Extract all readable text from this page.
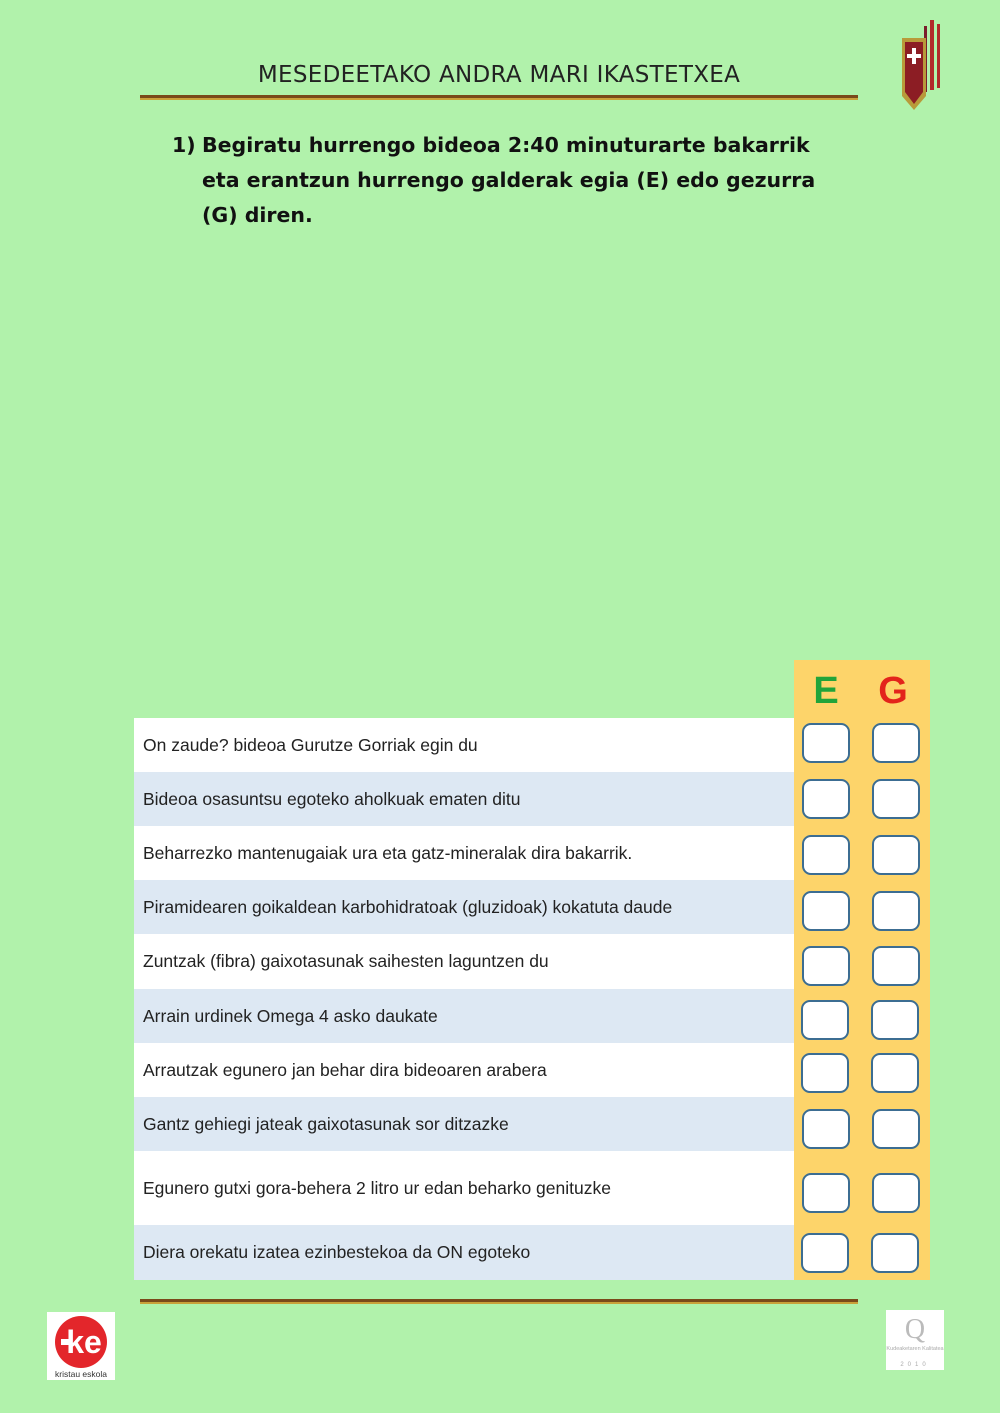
MESEDEETAKO ANDRA MARI IKASTETXEA
1) Begiratu hurrengo bideoa 2:40 minuturarte bakarrik eta erantzun hurrengo galderak egia (E) edo gezurra (G) diren.
E	G
On zaude? bideoa Gurutze Gorriak egin du
Bideoa osasuntsu egoteko aholkuak ematen ditu
Beharrezko mantenugaiak ura eta gatz-mineralak dira bakarrik.
Piramidearen goikaldean karbohidratoak (gluzidoak) kokatuta daude
Zuntzak (fibra) gaixotasunak saihesten laguntzen du
Arrain urdinek Omega 4 asko daukate
Arrautzak egunero jan behar dira bideoaren arabera
Gantz gehiegi jateak gaixotasunak sor ditzazke
Egunero gutxi gora-behera 2 litro ur edan beharko genituzke
Diera orekatu izatea ezinbestekoa da ON egoteko
ke
kristau eskola
Q
Kudeaketaren Kalitatea
2010
